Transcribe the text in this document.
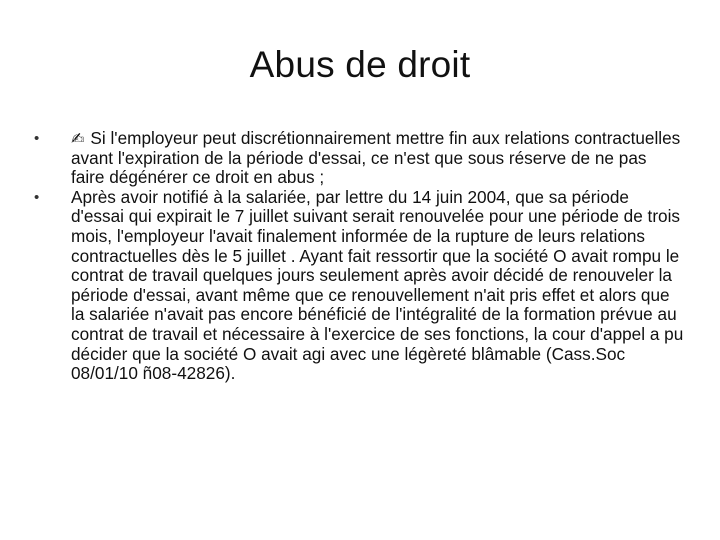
Abus de droit
• ✍ Si l'employeur peut discrétionnairement mettre fin aux relations contractuelles avant l'expiration de la période d'essai, ce n'est que sous réserve de ne pas faire dégénérer ce droit en abus ;
• Après avoir notifié à la salariée, par lettre du 14 juin 2004, que sa période d'essai qui expirait le 7 juillet suivant serait renouvelée pour une période de trois mois, l'employeur l'avait finalement informée de la rupture de leurs relations contractuelles dès le 5 juillet . Ayant fait ressortir que la société O avait rompu le contrat de travail quelques jours seulement après avoir décidé de renouveler la période d'essai, avant même que ce renouvellement n'ait pris effet et alors que la salariée n'avait pas encore bénéficié de l'intégralité de la formation prévue au contrat de travail et nécessaire à l'exercice de ses fonctions, la cour d'appel a pu décider que la société O avait agi avec une légèreté blâmable (Cass.Soc 08/01/10 ñ08-42826).
